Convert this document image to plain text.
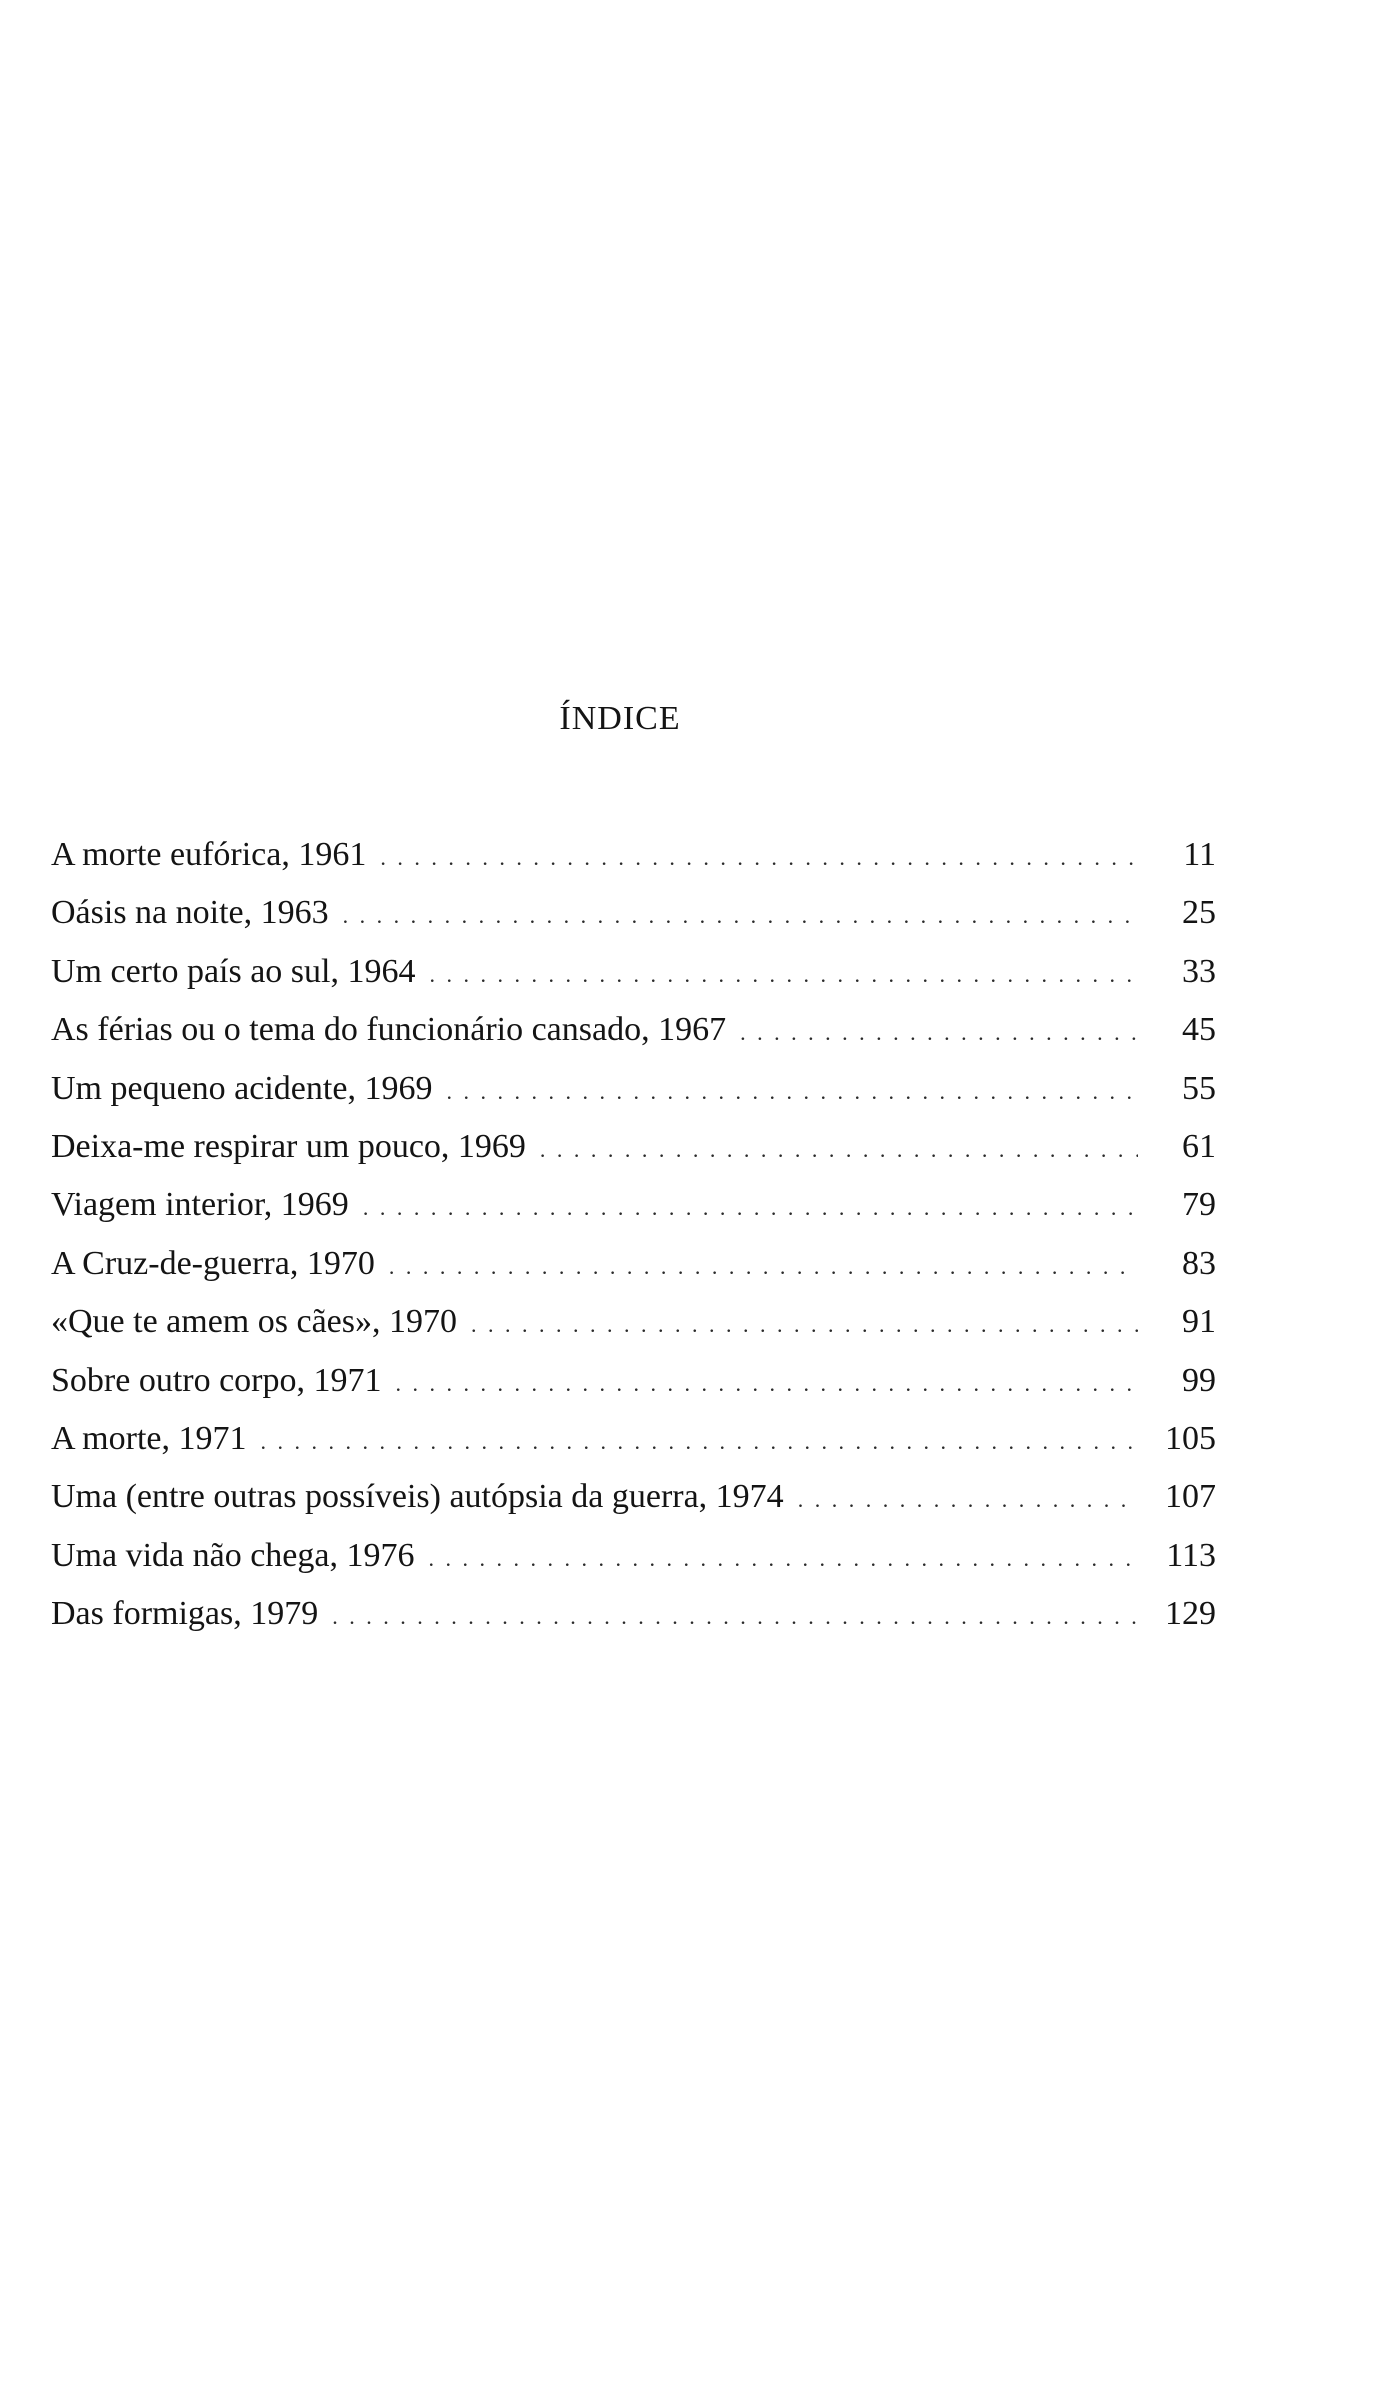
ÍNDICE
A morte eufórica, 1961 . . .	11
Oásis na noite, 1963 . . .	25
Um certo país ao sul, 1964 . . .	33
As férias ou o tema do funcionário cansado, 1967 . . .	45
Um pequeno acidente, 1969 . . .	55
Deixa-me respirar um pouco, 1969 . . .	61
Viagem interior, 1969 . . .	79
A Cruz-de-guerra, 1970 . . .	83
«Que te amem os cães», 1970 . . .	91
Sobre outro corpo, 1971 . . .	99
A morte, 1971 . . .	105
Uma (entre outras possíveis) autópsia da guerra, 1974 . . .	107
Uma vida não chega, 1976 . . .	113
Das formigas, 1979 . . .	129
